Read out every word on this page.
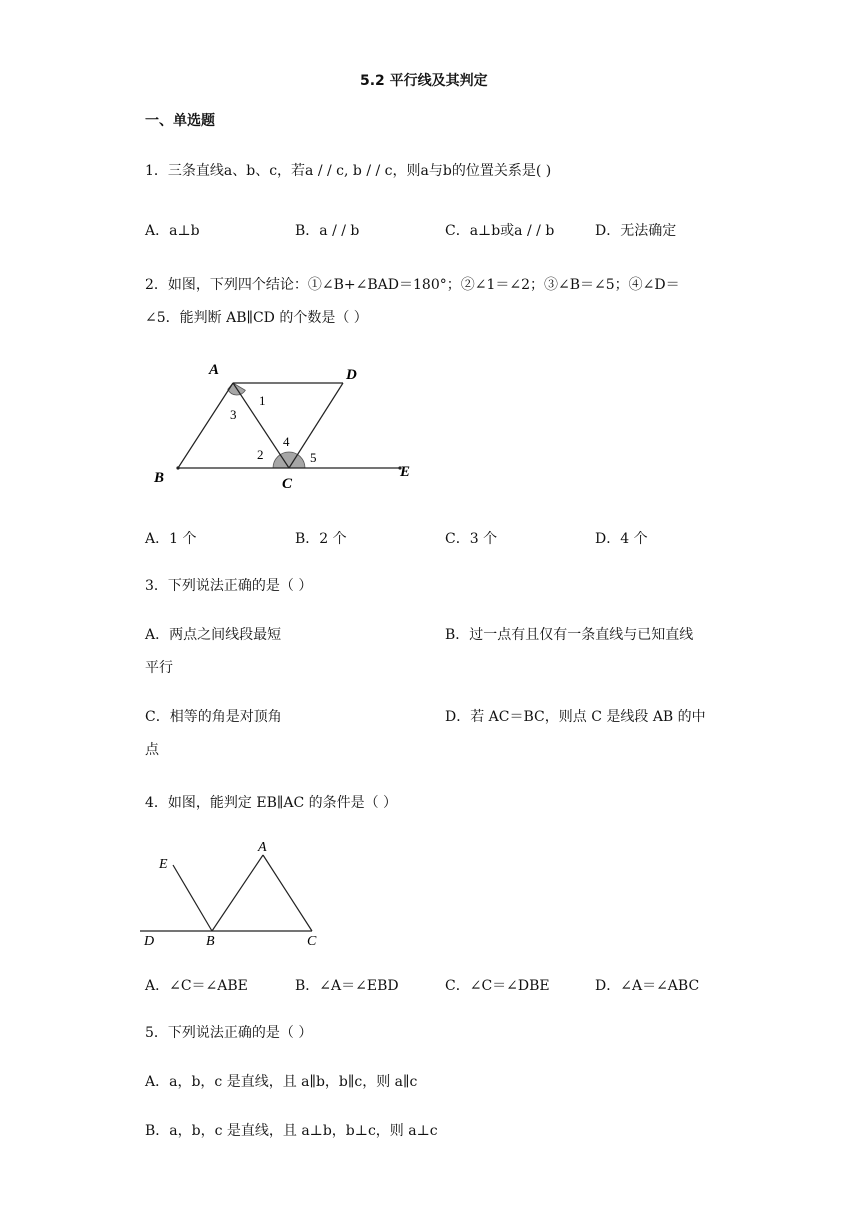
5.2 平行线及其判定
一、单选题
1．三条直线a、b、c，若a / / c, b / / c，则a与b的位置关系是( )
A．a⊥b	B．a / / b	C．a⊥b或a / / b	D．无法确定
2．如图，下列四个结论：①∠B+∠BAD＝180°；②∠1＝∠2；③∠B＝∠5；④∠D＝
∠5．能判断 AB∥CD 的个数是（ ）
A	D
B	C
E
1
2
3
4
5
A．1 个	B．2 个	C．3 个	D．4 个
3．下列说法正确的是（ ）
A．两点之间线段最短	B．过一点有且仅有一条直线与已知直线
平行
C．相等的角是对顶角	D．若 AC＝BC，则点 C 是线段 AB 的中
点
4．如图，能判定 EB∥AC 的条件是（ ）
E
A
D	B	C
A．∠C＝∠ABE	B．∠A＝∠EBD	C．∠C＝∠DBE	D．∠A＝∠ABC
5．下列说法正确的是（ ）
A．a，b，c 是直线，且 a∥b，b∥c，则 a∥c
B．a，b，c 是直线，且 a⊥b，b⊥c，则 a⊥c
